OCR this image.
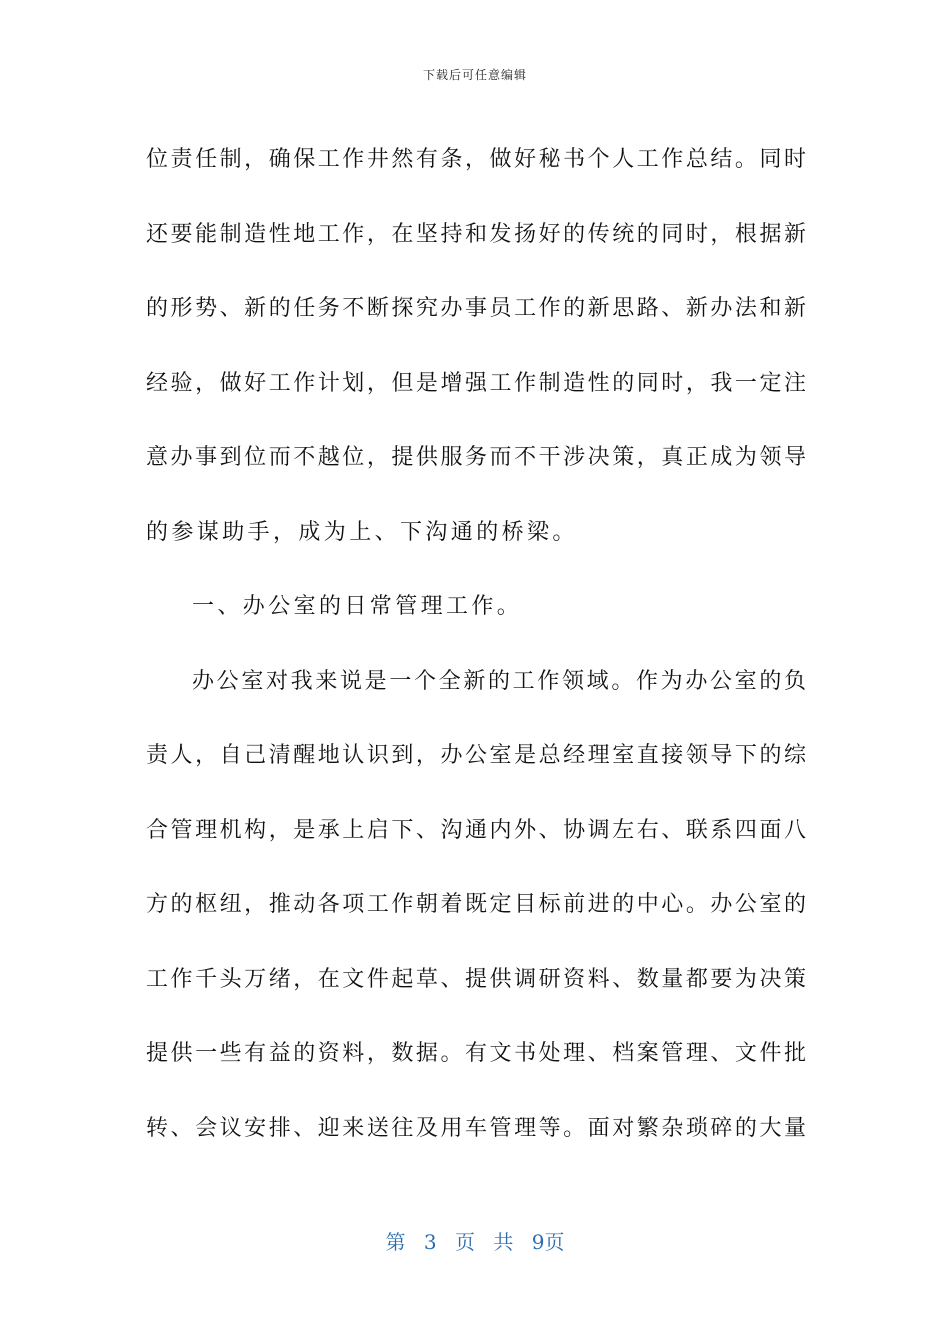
下载后可任意编辑
位责任制，确保工作井然有条，做好秘书个人工作总结。同时
还要能制造性地工作，在坚持和发扬好的传统的同时，根据新
的形势、新的任务不断探究办事员工作的新思路、新办法和新
经验，做好工作计划，但是增强工作制造性的同时，我一定注
意办事到位而不越位，提供服务而不干涉决策，真正成为领导
的参谋助手，成为上、下沟通的桥梁。
一、办公室的日常管理工作。
办公室对我来说是一个全新的工作领域。作为办公室的负
责人，自己清醒地认识到，办公室是总经理室直接领导下的综
合管理机构，是承上启下、沟通内外、协调左右、联系四面八
方的枢纽，推动各项工作朝着既定目标前进的中心。办公室的
工作千头万绪，在文件起草、提供调研资料、数量都要为决策
提供一些有益的资料，数据。有文书处理、档案管理、文件批
转、会议安排、迎来送往及用车管理等。面对繁杂琐碎的大量
第 3 页 共 9页
